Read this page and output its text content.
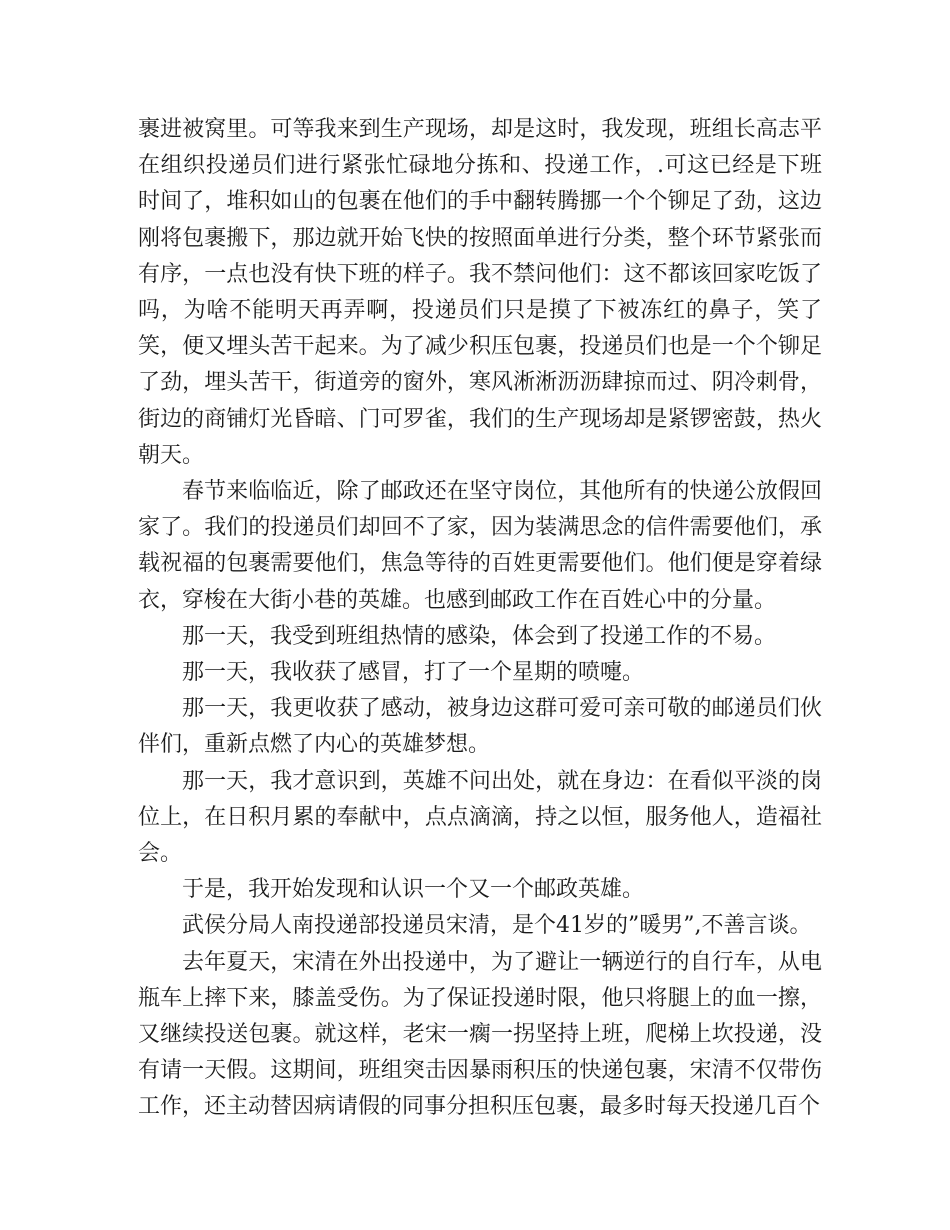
裹进被窝里。可等我来到生产现场，却是这时，我发现，班组长高志平在组织投递员们进行紧张忙碌地分拣和、投递工作，.可这已经是下班时间了，堆积如山的包裹在他们的手中翻转腾挪一个个铆足了劲，这边刚将包裹搬下，那边就开始飞快的按照面单进行分类，整个环节紧张而有序，一点也没有快下班的样子。我不禁问他们：这不都该回家吃饭了吗，为啥不能明天再弄啊，投递员们只是摸了下被冻红的鼻子，笑了笑，便又埋头苦干起来。为了减少积压包裹，投递员们也是一个个铆足了劲，埋头苦干，街道旁的窗外，寒风淅淅沥沥肆掠而过、阴冷刺骨，街边的商铺灯光昏暗、门可罗雀，我们的生产现场却是紧锣密鼓，热火朝天。

春节来临临近，除了邮政还在坚守岗位，其他所有的快递公放假回家了。我们的投递员们却回不了家，因为装满思念的信件需要他们，承载祝福的包裹需要他们，焦急等待的百姓更需要他们。他们便是穿着绿衣，穿梭在大街小巷的英雄。也感到邮政工作在百姓心中的分量。

那一天，我受到班组热情的感染，体会到了投递工作的不易。

那一天，我收获了感冒，打了一个星期的喷嚏。

那一天，我更收获了感动，被身边这群可爱可亲可敬的邮递员们伙伴们，重新点燃了内心的英雄梦想。

那一天，我才意识到，英雄不问出处，就在身边：在看似平淡的岗位上，在日积月累的奉献中，点点滴滴，持之以恒，服务他人，造福社会。

于是，我开始发现和认识一个又一个邮政英雄。

武侯分局人南投递部投递员宋清，是个41岁的”暖男”,不善言谈。

去年夏天，宋清在外出投递中，为了避让一辆逆行的自行车，从电瓶车上摔下来，膝盖受伤。为了保证投递时限，他只将腿上的血一擦，又继续投送包裹。就这样，老宋一瘸一拐坚持上班，爬梯上坎投递，没有请一天假。这期间，班组突击因暴雨积压的快递包裹，宋清不仅带伤工作，还主动替因病请假的同事分担积压包裹，最多时每天投递几百个
